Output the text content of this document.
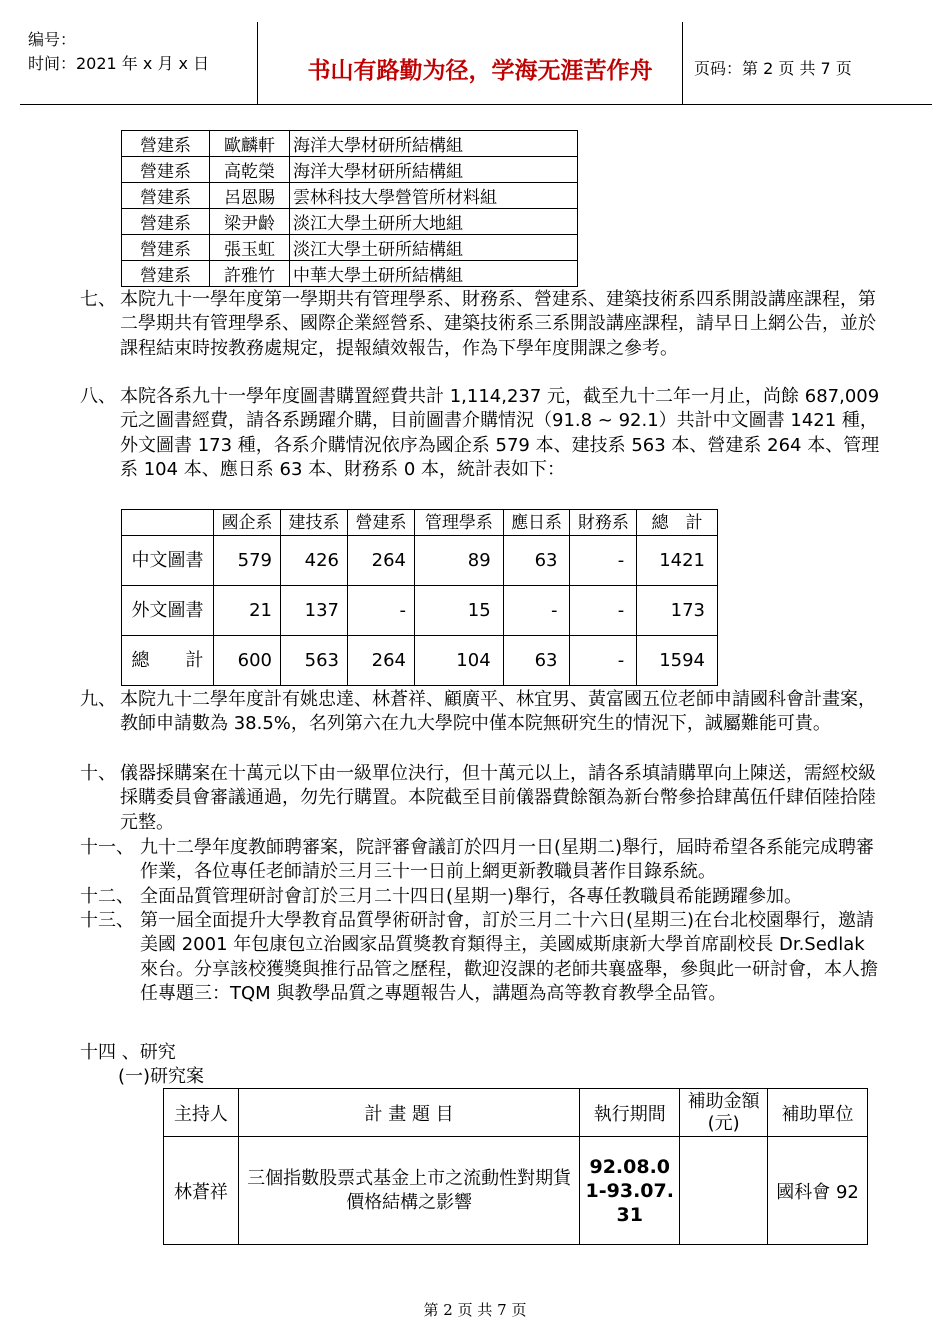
编号：
时间：2021 年 x 月 x 日	书山有路勤为径，学海无涯苦作舟	页码：第 2 页 共 7 页
營建系	歐麟軒	海洋大學材研所結構組
營建系	高乾榮	海洋大學材研所結構組
營建系	呂恩賜	雲林科技大學營管所材料組
營建系	梁尹齡	淡江大學土研所大地組
營建系	張玉虹	淡江大學土研所結構組
營建系	許雅竹	中華大學土研所結構組
七、 本院九十一學年度第一學期共有管理學系、財務系、營建系、建築技術系四系開設講座課程，第二學期共有管理學系、國際企業經營系、建築技術系三系開設講座課程，請早日上網公告，並於課程結束時按教務處規定，提報績效報告，作為下學年度開課之參考。
八、 本院各系九十一學年度圖書購置經費共計 1,114,237 元，截至九十二年一月止，尚餘 687,009 元之圖書經費，請各系踴躍介購，目前圖書介購情況（91.8 ~ 92.1）共計中文圖書 1421 種，外文圖書 173 種，各系介購情況依序為國企系 579 本、建技系 563 本、營建系 264 本、管理系 104 本、應日系 63 本、財務系 0 本，統計表如下：
	國企系	建技系	營建系	管理學系	應日系	財務系	總　計
中文圖書	579	426	264	89	63	-	1421
外文圖書	21	137	-	15	-	-	173
總　　計	600	563	264	104	63	-	1594
九、 本院九十二學年度計有姚忠達、林蒼祥、顧廣平、林宜男、黃富國五位老師申請國科會計畫案，教師申請數為 38.5%，名列第六在九大學院中僅本院無研究生的情況下，誠屬難能可貴。
十、 儀器採購案在十萬元以下由一級單位決行，但十萬元以上，請各系填請購單向上陳送，需經校級採購委員會審議通過，勿先行購置。本院截至目前儀器費餘額為新台幣參拾肆萬伍仟肆佰陸拾陸元整。
十一、 九十二學年度教師聘審案，院評審會議訂於四月一日(星期二)舉行，屆時希望各系能完成聘審作業，各位專任老師請於三月三十一日前上網更新教職員著作目錄系統。
十二、 全面品質管理研討會訂於三月二十四日(星期一)舉行，各專任教職員希能踴躍參加。
十三、 第一屆全面提升大學教育品質學術研討會，訂於三月二十六日(星期三)在台北校園舉行，邀請美國 2001 年包康包立治國家品質獎教育類得主，美國威斯康新大學首席副校長 Dr.Sedlak 來台。分享該校獲獎與推行品管之歷程，歡迎沒課的老師共襄盛舉，參與此一研討會，本人擔任專題三：TQM 與教學品質之專題報告人，講題為高等教育教學全品管。
十四 、研究
(一)研究案
主持人	計 畫 題 目	執行期間	補助金額(元)	補助單位
林蒼祥	三個指數股票式基金上市之流動性對期貨價格結構之影響	92.08.01-93.07.31		國科會 92
第 2 页 共 7 页
